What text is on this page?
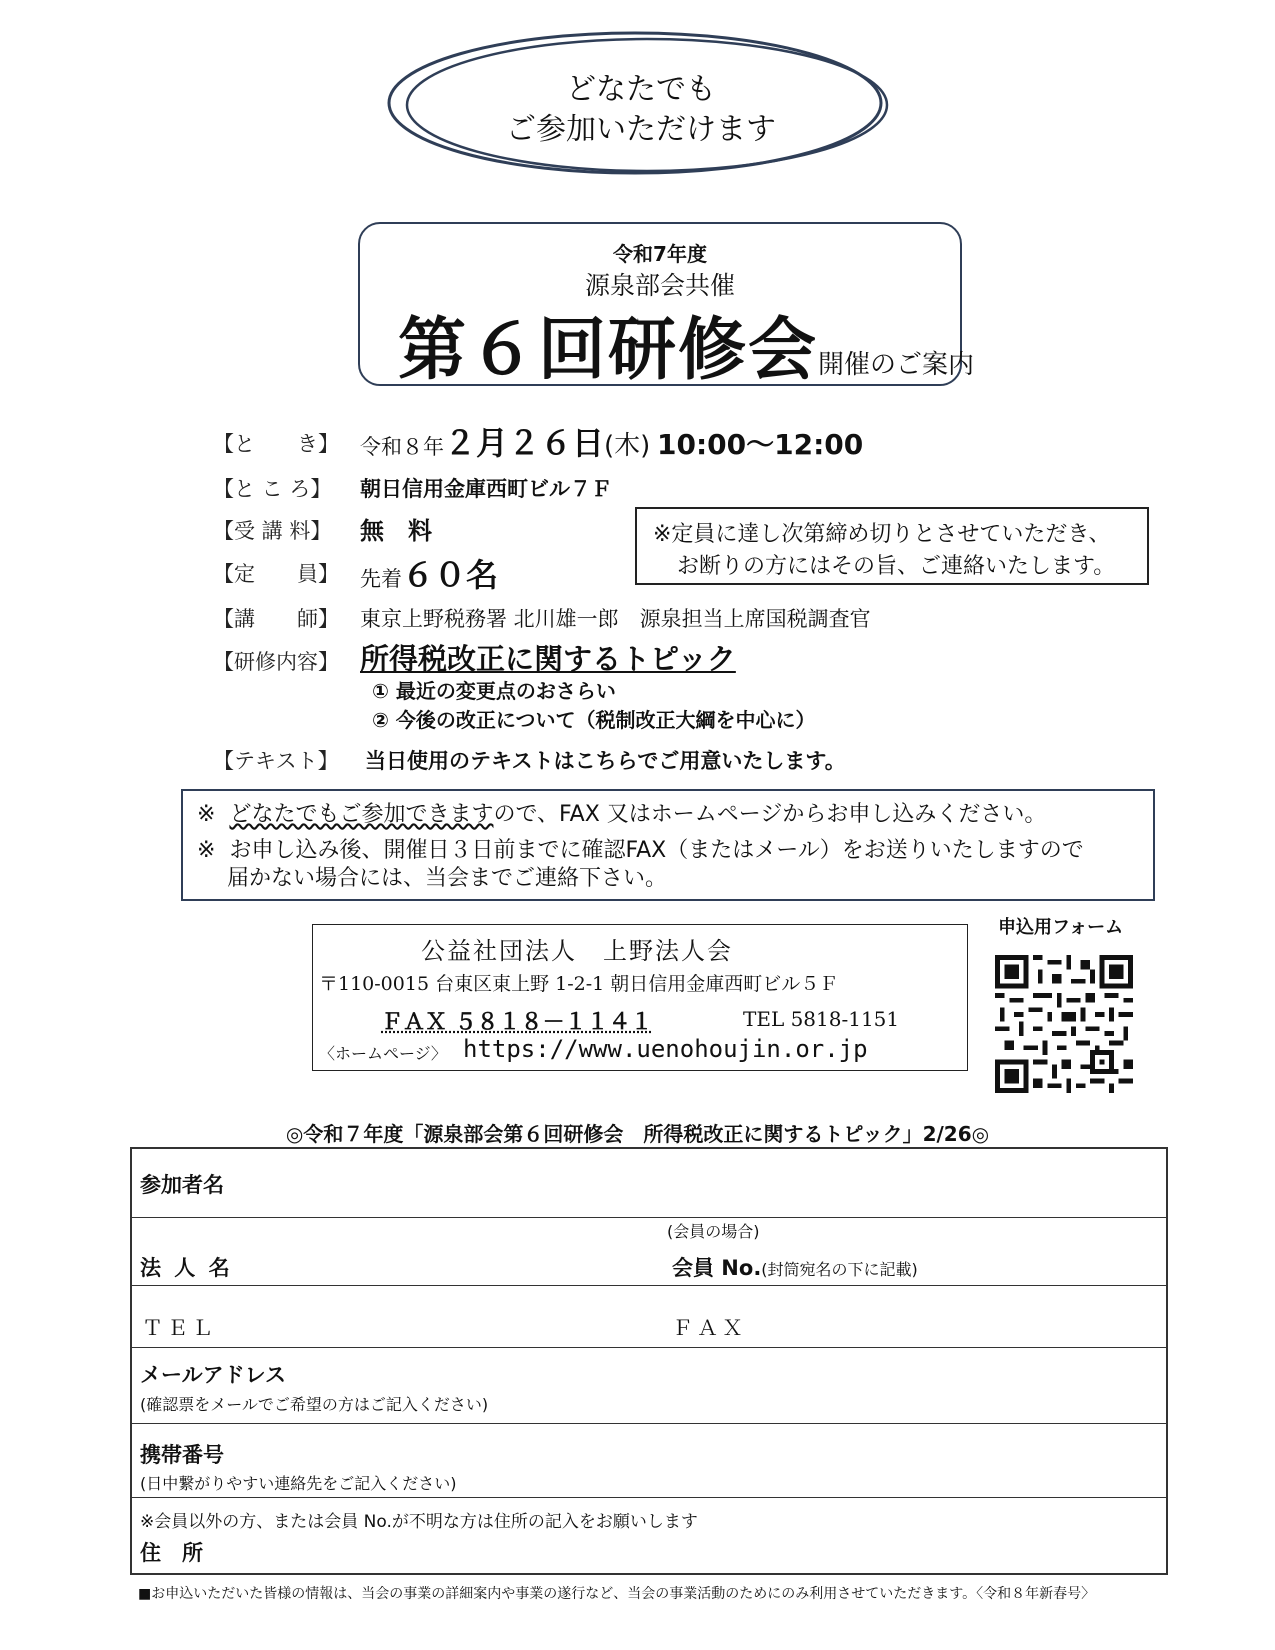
どなたでも
ご参加いただけます
令和7年度
源泉部会共催
第６回研修会開催のご案内
【と　　き】 令和８年２月２６日(木) 10:00～12:00
【と こ ろ】 朝日信用金庫西町ビル７Ｆ
【受 講 料】 無　料
【定　　員】 先着６０名
※定員に達し次第締め切りとさせていただき、
お断りの方にはその旨、ご連絡いたします。
【講　　師】 東京上野税務署 北川雄一郎　源泉担当上席国税調査官
【研修内容】 所得税改正に関するトピック
① 最近の変更点のおさらい
② 今後の改正について（税制改正大綱を中心に）
【テキスト】 当日使用のテキストはこちらでご用意いたします。
※ どなたでもご参加できますので、FAX 又はホームページからお申し込みください。
※ お申し込み後、開催日３日前までに確認FAX（またはメール）をお送りいたしますので
届かない場合には、当会までご連絡下さい。
公益社団法人　上野法人会
〒110-0015 台東区東上野 1-2-1 朝日信用金庫西町ビル５Ｆ
ＦＡＸ ５８１８－１１４１	TEL 5818-1151
〈ホームページ〉 https://www.uenohoujin.or.jp
申込用フォーム
◎令和７年度「源泉部会第６回研修会　所得税改正に関するトピック」2/26◎
参加者名
(会員の場合)
法 人 名	会員 No.(封筒宛名の下に記載)
ＴＥＬ	ＦＡＸ
メールアドレス
(確認票をメールでご希望の方はご記入ください)
携帯番号
(日中繋がりやすい連絡先をご記入ください)
※会員以外の方、または会員 No.が不明な方は住所の記入をお願いします
住　所
■お申込いただいた皆様の情報は、当会の事業の詳細案内や事業の遂行など、当会の事業活動のためにのみ利用させていただきます。〈令和８年新春号〉
